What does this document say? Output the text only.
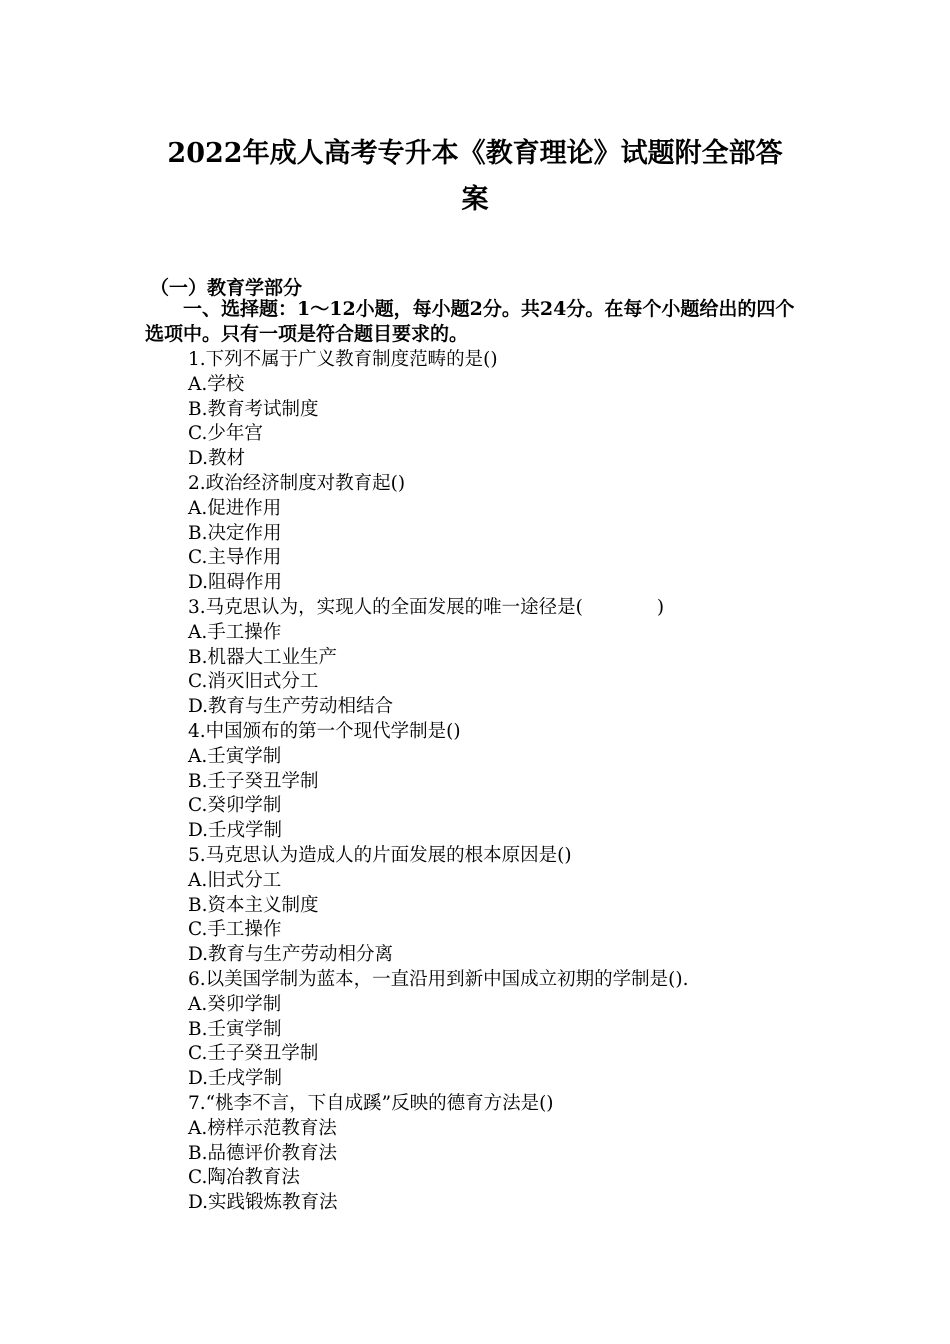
2022年成人高考专升本《教育理论》试题附全部答
案

（一）教育学部分

一、选择题：1～12小题，每小题2分。共24分。在每个小题给出的四个选项中。只有一项是符合题目要求的。

1.下列不属于广义教育制度范畴的是()
A.学校
B.教育考试制度
C.少年宫
D.教材
2.政治经济制度对教育起()
A.促进作用
B.决定作用
C.主导作用
D.阻碍作用
3.马克思认为，实现人的全面发展的唯一途径是(　　　　)
A.手工操作
B.机器大工业生产
C.消灭旧式分工
D.教育与生产劳动相结合
4.中国颁布的第一个现代学制是()
A.壬寅学制
B.壬子癸丑学制
C.癸卯学制
D.壬戌学制
5.马克思认为造成人的片面发展的根本原因是()
A.旧式分工
B.资本主义制度
C.手工操作
D.教育与生产劳动相分离
6.以美国学制为蓝本，一直沿用到新中国成立初期的学制是().
A.癸卯学制
B.壬寅学制
C.壬子癸丑学制
D.壬戌学制
7.“桃李不言，下自成蹊”反映的德育方法是()
A.榜样示范教育法
B.品德评价教育法
C.陶冶教育法
D.实践锻炼教育法
